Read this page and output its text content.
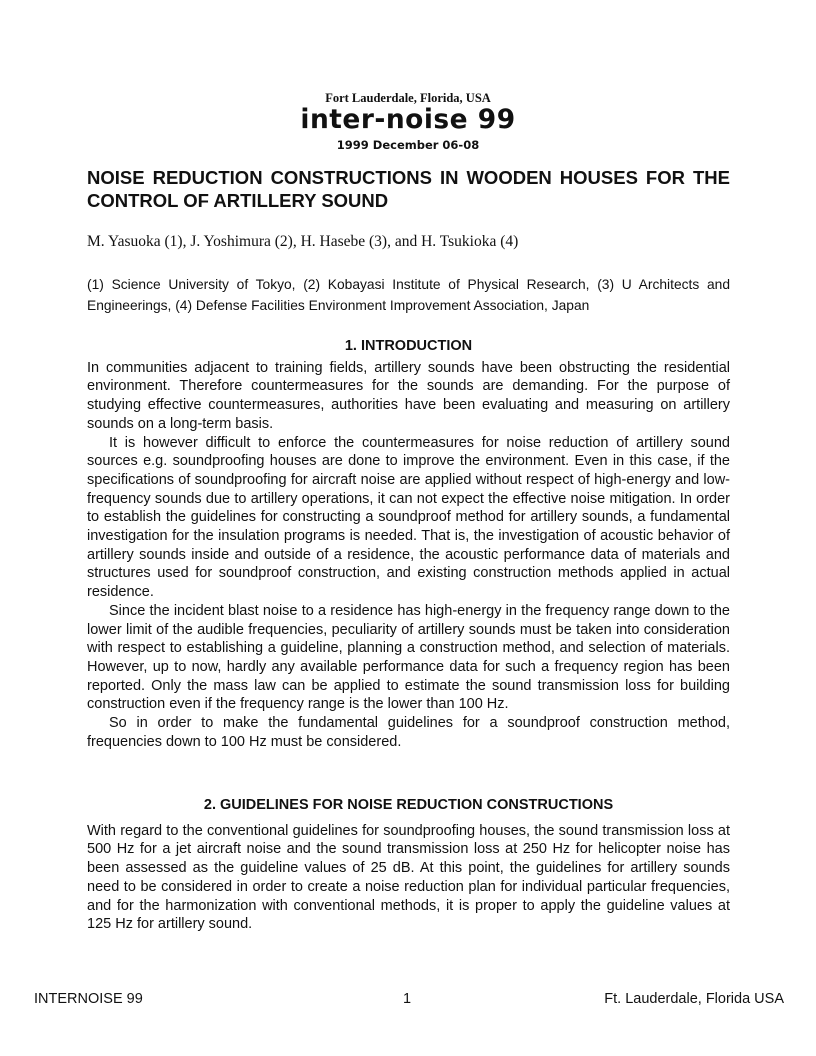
Fort Lauderdale, Florida, USA
inter-noise 99
1999 December 06-08
NOISE REDUCTION CONSTRUCTIONS IN WOODEN HOUSES FOR THE CONTROL OF ARTILLERY SOUND
M. Yasuoka (1), J. Yoshimura (2), H. Hasebe (3), and H. Tsukioka (4)
(1) Science University of Tokyo, (2) Kobayasi Institute of Physical Research, (3) U Architects and Engineerings, (4) Defense Facilities Environment Improvement Association, Japan
1. INTRODUCTION

In communities adjacent to training fields, artillery sounds have been obstructing the residential environment. Therefore countermeasures for the sounds are demanding. For the purpose of studying effective countermeasures, authorities have been evaluating and measuring on artillery sounds on a long-term basis.

It is however difficult to enforce the countermeasures for noise reduction of artillery sound sources e.g. soundproofing houses are done to improve the environment. Even in this case, if the specifications of soundproofing for aircraft noise are applied without respect of high-energy and low-frequency sounds due to artillery operations, it can not expect the effective noise mitigation. In order to establish the guidelines for constructing a soundproof method for artillery sounds, a fundamental investigation for the insulation programs is needed. That is, the investigation of acoustic behavior of artillery sounds inside and outside of a residence, the acoustic performance data of materials and structures used for soundproof construction, and existing construction methods applied in actual residence.

Since the incident blast noise to a residence has high-energy in the frequency range down to the lower limit of the audible frequencies, peculiarity of artillery sounds must be taken into consideration with respect to establishing a guideline, planning a construction method, and selection of materials. However, up to now, hardly any available performance data for such a frequency region has been reported. Only the mass law can be applied to estimate the sound transmission loss for building construction even if the frequency range is the lower than 100 Hz.

So in order to make the fundamental guidelines for a soundproof construction method, frequencies down to 100 Hz must be considered.

2. GUIDELINES FOR NOISE REDUCTION CONSTRUCTIONS

With regard to the conventional guidelines for soundproofing houses, the sound transmission loss at 500 Hz for a jet aircraft noise and the sound transmission loss at 250 Hz for helicopter noise has been assessed as the guideline values of 25 dB. At this point, the guidelines for artillery sounds need to be considered in order to create a noise reduction plan for individual particular frequencies, and for the harmonization with conventional methods, it is proper to apply the guideline values at 125 Hz for artillery sound.

INTERNOISE 99	1	Ft. Lauderdale, Florida USA
